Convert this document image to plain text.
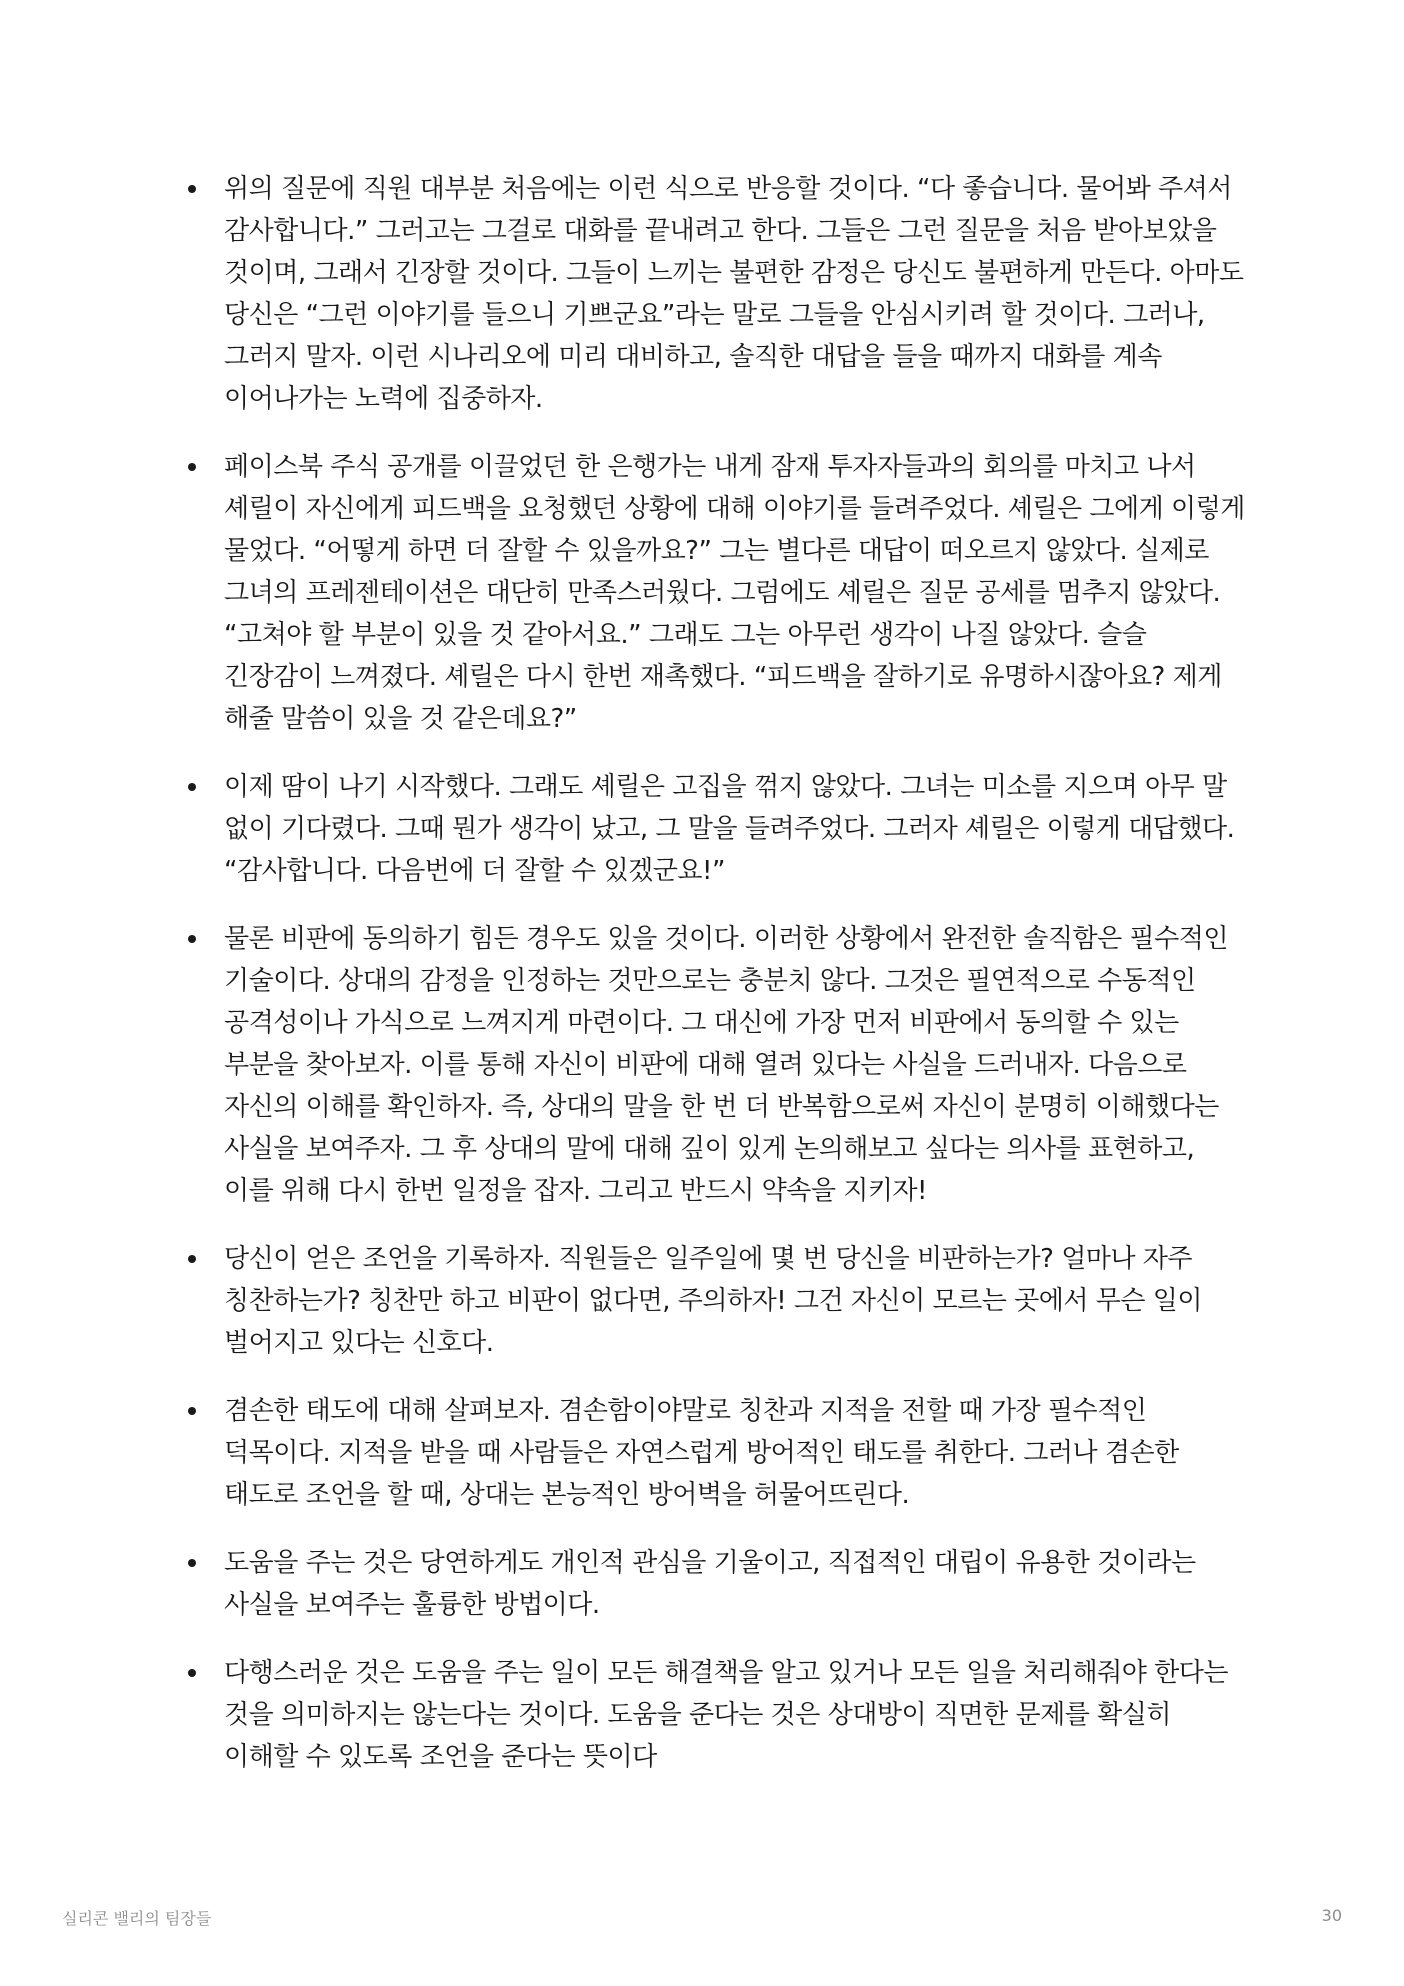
위의 질문에 직원 대부분 처음에는 이런 식으로 반응할 것이다. “다 좋습니다. 물어봐 주셔서 감사합니다.” 그러고는 그걸로 대화를 끝내려고 한다. 그들은 그런 질문을 처음 받아보았을 것이며, 그래서 긴장할 것이다. 그들이 느끼는 불편한 감정은 당신도 불편하게 만든다. 아마도 당신은 “그런 이야기를 들으니 기쁘군요”라는 말로 그들을 안심시키려 할 것이다. 그러나, 그러지 말자. 이런 시나리오에 미리 대비하고, 솔직한 대답을 들을 때까지 대화를 계속 이어나가는 노력에 집중하자.
페이스북 주식 공개를 이끌었던 한 은행가는 내게 잠재 투자자들과의 회의를 마치고 나서 셰릴이 자신에게 피드백을 요청했던 상황에 대해 이야기를 들려주었다. 셰릴은 그에게 이렇게 물었다. “어떻게 하면 더 잘할 수 있을까요?” 그는 별다른 대답이 떠오르지 않았다. 실제로 그녀의 프레젠테이션은 대단히 만족스러웠다. 그럼에도 셰릴은 질문 공세를 멈추지 않았다. “고쳐야 할 부분이 있을 것 같아서요.” 그래도 그는 아무런 생각이 나질 않았다. 슬슬 긴장감이 느껴졌다. 셰릴은 다시 한번 재촉했다. “피드백을 잘하기로 유명하시잖아요? 제게 해줄 말씀이 있을 것 같은데요?”
이제 땀이 나기 시작했다. 그래도 셰릴은 고집을 꺾지 않았다. 그녀는 미소를 지으며 아무 말 없이 기다렸다. 그때 뭔가 생각이 났고, 그 말을 들려주었다. 그러자 셰릴은 이렇게 대답했다. “감사합니다. 다음번에 더 잘할 수 있겠군요!”
물론 비판에 동의하기 힘든 경우도 있을 것이다. 이러한 상황에서 완전한 솔직함은 필수적인 기술이다. 상대의 감정을 인정하는 것만으로는 충분치 않다. 그것은 필연적으로 수동적인 공격성이나 가식으로 느껴지게 마련이다. 그 대신에 가장 먼저 비판에서 동의할 수 있는 부분을 찾아보자. 이를 통해 자신이 비판에 대해 열려 있다는 사실을 드러내자. 다음으로 자신의 이해를 확인하자. 즉, 상대의 말을 한 번 더 반복함으로써 자신이 분명히 이해했다는 사실을 보여주자. 그 후 상대의 말에 대해 깊이 있게 논의해보고 싶다는 의사를 표현하고, 이를 위해 다시 한번 일정을 잡자. 그리고 반드시 약속을 지키자!
당신이 얻은 조언을 기록하자. 직원들은 일주일에 몇 번 당신을 비판하는가? 얼마나 자주 칭찬하는가? 칭찬만 하고 비판이 없다면, 주의하자! 그건 자신이 모르는 곳에서 무슨 일이 벌어지고 있다는 신호다.
겸손한 태도에 대해 살펴보자. 겸손함이야말로 칭찬과 지적을 전할 때 가장 필수적인 덕목이다. 지적을 받을 때 사람들은 자연스럽게 방어적인 태도를 취한다. 그러나 겸손한 태도로 조언을 할 때, 상대는 본능적인 방어벽을 허물어뜨린다.
도움을 주는 것은 당연하게도 개인적 관심을 기울이고, 직접적인 대립이 유용한 것이라는 사실을 보여주는 훌륭한 방법이다.
다행스러운 것은 도움을 주는 일이 모든 해결책을 알고 있거나 모든 일을 처리해줘야 한다는 것을 의미하지는 않는다는 것이다. 도움을 준다는 것은 상대방이 직면한 문제를 확실히 이해할 수 있도록 조언을 준다는 뜻이다
실리콘 밸리의 팀장들	30
